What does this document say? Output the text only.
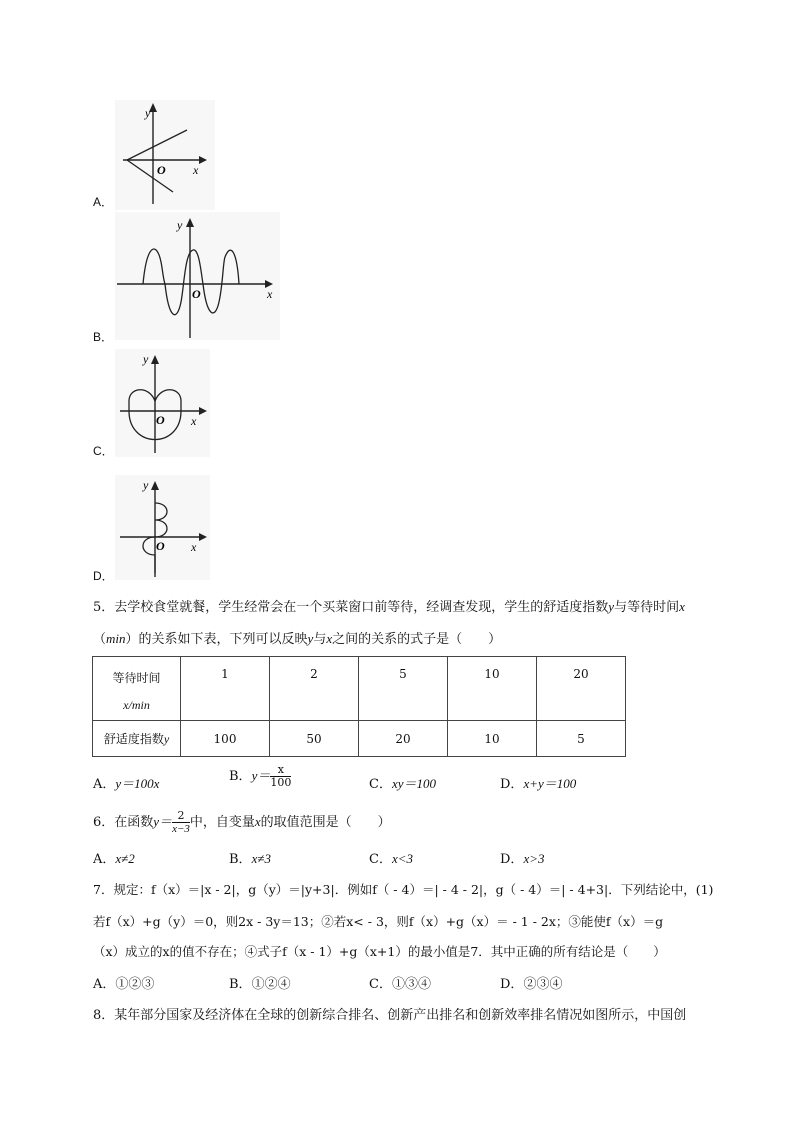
y
O x
A．
y
O	x
B．
y
O x
C．
y
O x
D．
5．去学校食堂就餐，学生经常会在一个买菜窗口前等待，经调查发现，学生的舒适度指数y与等待时间x
（min）的关系如下表，下列可以反映y与x之间的关系的式子是（　　）
等待时间
x/min	1	2	5	10	20
舒适度指数y	100	50	20	10	5
A．y＝100x	B．$y= \frac{x}{100}$	C．xy＝100	D．x+y＝100
6．在函数$y= \frac{2}{x-3}$中，自变量x的取值范围是（　　）
A．x≠2	B．x≠3	C．x<3	D．x>3
7．规定：f（x）＝|x - 2|，g（y）＝|y+3|．例如f（ - 4）＝| - 4 - 2|，g（ - 4）＝| - 4+3|．下列结论中，(1)
若f（x）+g（y）＝0，则2x - 3y＝13；②若x< - 3，则f（x）+g（x）＝ - 1 - 2x；③能使f（x）＝g
（x）成立的x的值不存在；④式子f（x - 1）+g（x+1）的最小值是7．其中正确的所有结论是（　　）
A．①②③	B．①②④	C．①③④	D．②③④
8．某年部分国家及经济体在全球的创新综合排名、创新产出排名和创新效率排名情况如图所示，中国创
